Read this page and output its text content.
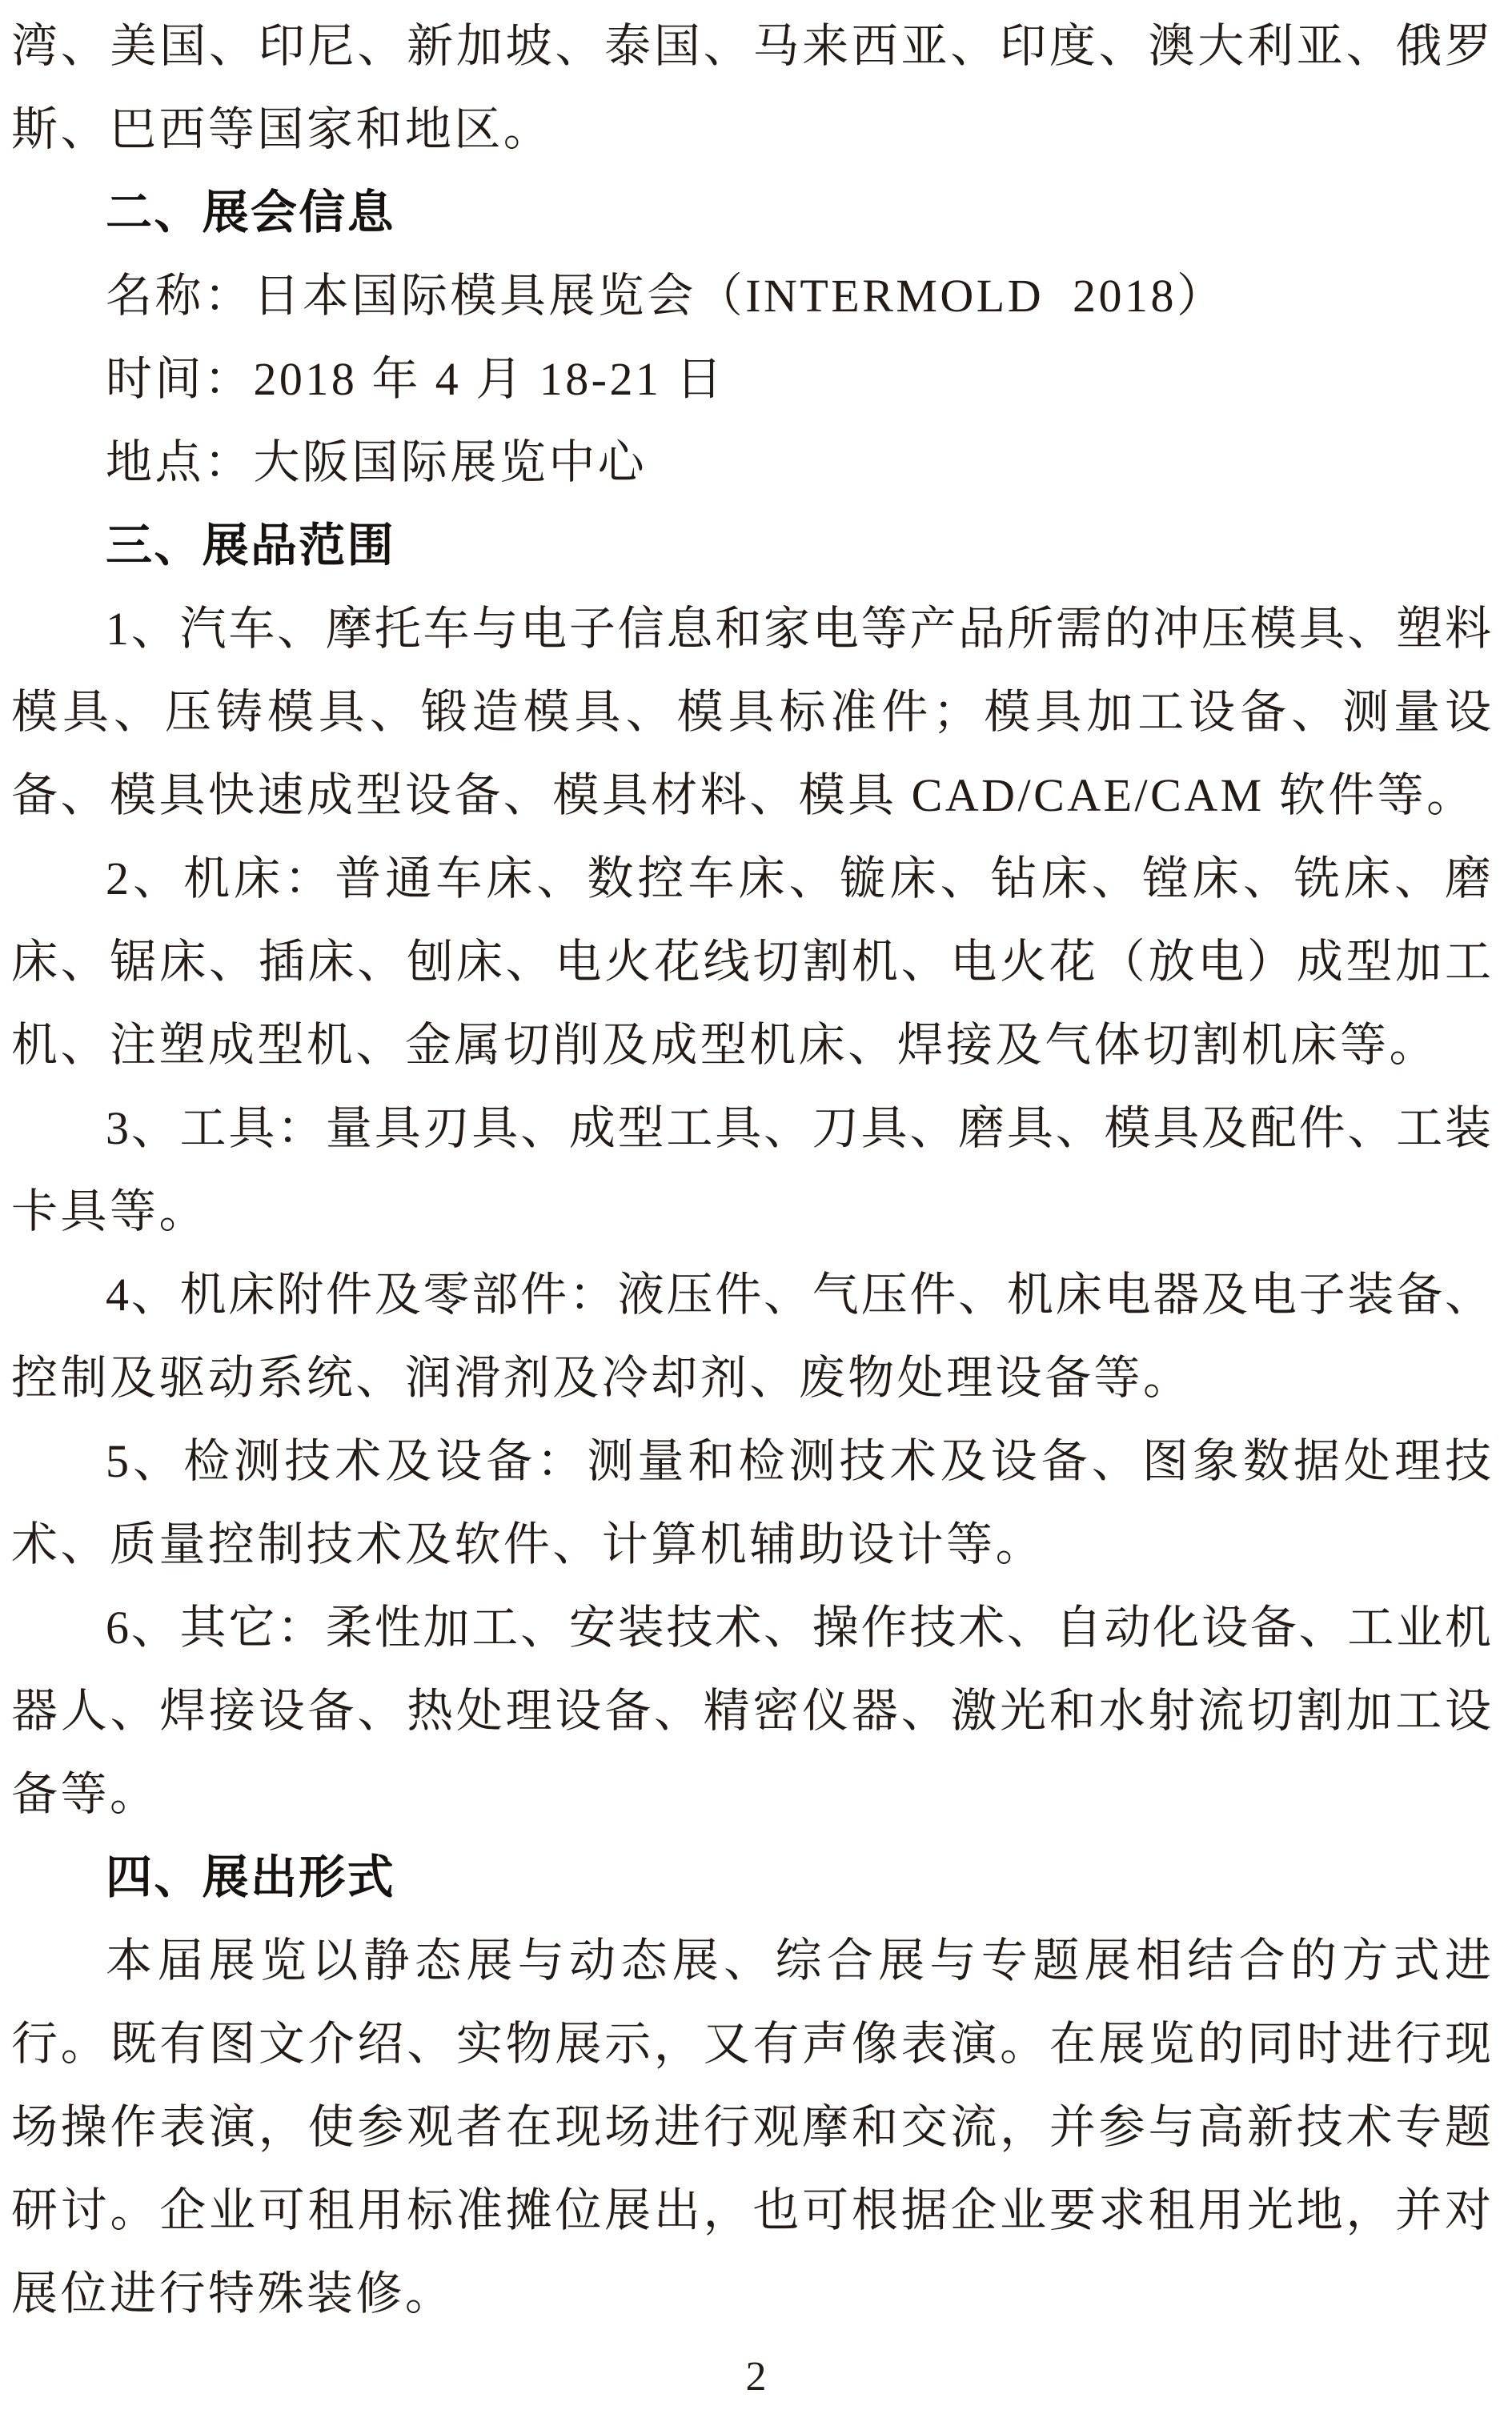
湾、美国、印尼、新加坡、泰国、马来西亚、印度、澳大利亚、俄罗
斯、巴西等国家和地区。
二、展会信息
名称：日本国际模具展览会（INTERMOLD  2018）
时间：2018 年 4 月 18-21 日
地点：大阪国际展览中心
三、展品范围
1、汽车、摩托车与电子信息和家电等产品所需的冲压模具、塑料
模具、压铸模具、锻造模具、模具标准件；模具加工设备、测量设
备、模具快速成型设备、模具材料、模具 CAD/CAE/CAM 软件等。
2、机床：普通车床、数控车床、镟床、钻床、镗床、铣床、磨
床、锯床、插床、刨床、电火花线切割机、电火花（放电）成型加工
机、注塑成型机、金属切削及成型机床、焊接及气体切割机床等。
3、工具：量具刃具、成型工具、刀具、磨具、模具及配件、工装
卡具等。
4、机床附件及零部件：液压件、气压件、机床电器及电子装备、
控制及驱动系统、润滑剂及冷却剂、废物处理设备等。
5、检测技术及设备：测量和检测技术及设备、图象数据处理技
术、质量控制技术及软件、计算机辅助设计等。
6、其它：柔性加工、安装技术、操作技术、自动化设备、工业机
器人、焊接设备、热处理设备、精密仪器、激光和水射流切割加工设
备等。
四、展出形式
本届展览以静态展与动态展、综合展与专题展相结合的方式进
行。既有图文介绍、实物展示，又有声像表演。在展览的同时进行现
场操作表演，使参观者在现场进行观摩和交流，并参与高新技术专题
研讨。企业可租用标准摊位展出，也可根据企业要求租用光地，并对
展位进行特殊装修。
2
